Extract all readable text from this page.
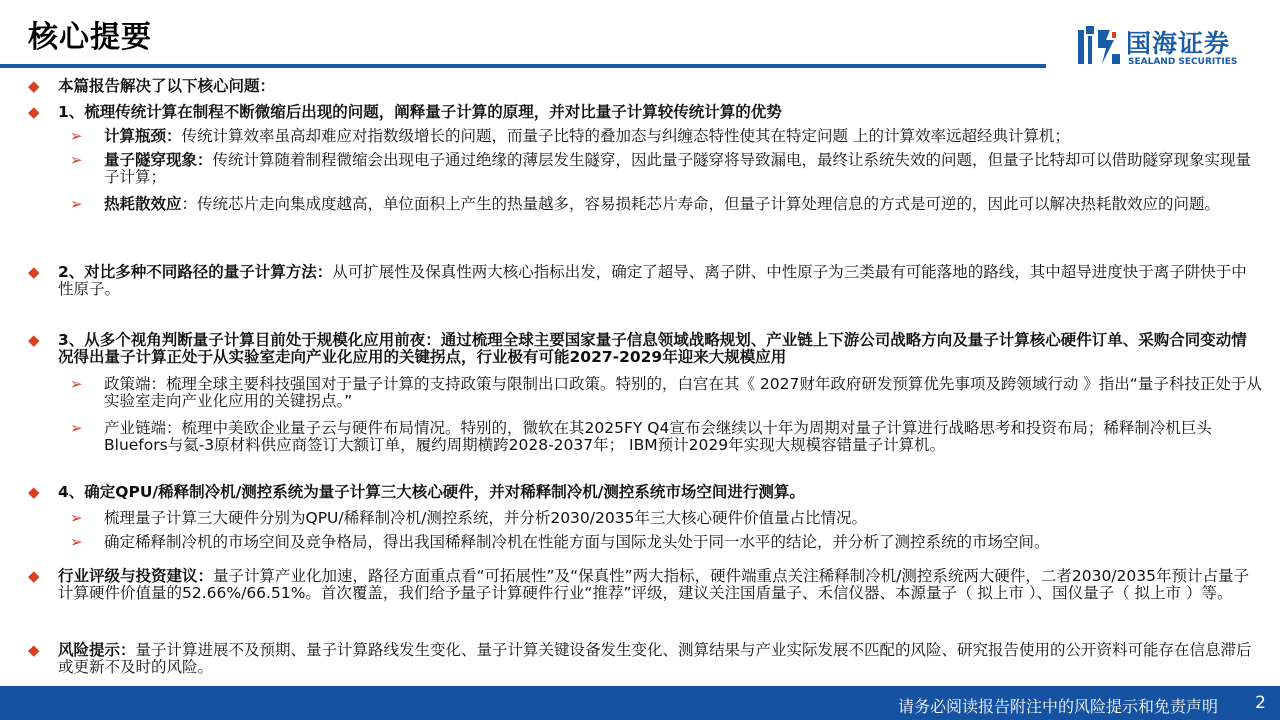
核心提要	国海证券
SEALAND SECURITIES
◆	本篇报告解决了以下核心问题：
◆	1、梳理传统计算在制程不断微缩后出现的问题，阐释量子计算的原理，并对比量子计算较传统计算的优势
➢	计算瓶颈：传统计算效率虽高却难应对指数级增长的问题，而量子比特的叠加态与纠缠态特性使其在特定问题 上的计算效率远超经典计算机；
➢	量子隧穿现象：传统计算随着制程微缩会出现电子通过绝缘的薄层发生隧穿，因此量子隧穿将导致漏电，最终让系统失效的问题，但量子比特却可以借助隧穿现象实现量子计算；
➢	热耗散效应：传统芯片走向集成度越高，单位面积上产生的热量越多，容易损耗芯片寿命，但量子计算处理信息的方式是可逆的，因此可以解决热耗散效应的问题。
◆	2、对比多种不同路径的量子计算方法：从可扩展性及保真性两大核心指标出发，确定了超导、离子阱、中性原子为三类最有可能落地的路线，其中超导进度快于离子阱快于中性原子。
◆	3、从多个视角判断量子计算目前处于规模化应用前夜：通过梳理全球主要国家量子信息领域战略规划、产业链上下游公司战略方向及量子计算核心硬件订单、采购合同变动情况得出量子计算正处于从实验室走向产业化应用的关键拐点，行业极有可能2027-2029年迎来大规模应用
➢	政策端：梳理全球主要科技强国对于量子计算的支持政策与限制出口政策。特别的，白宫在其《 2027财年政府研发预算优先事项及跨领域行动 》指出“量子科技正处于从实验室走向产业化应用的关键拐点。”
➢	产业链端：梳理中美欧企业量子云与硬件布局情况。特别的，微软在其2025FY Q4宣布会继续以十年为周期对量子计算进行战略思考和投资布局；稀释制冷机巨头Bluefors与氦-3原材料供应商签订大额订单，履约周期横跨2028-2037年； IBM预计2029年实现大规模容错量子计算机。
◆	4、确定QPU/稀释制冷机/测控系统为量子计算三大核心硬件，并对稀释制冷机/测控系统市场空间进行测算。
➢	梳理量子计算三大硬件分别为QPU/稀释制冷机/测控系统，并分析2030/2035年三大核心硬件价值量占比情况。
➢	确定稀释制冷机的市场空间及竞争格局，得出我国稀释制冷机在性能方面与国际龙头处于同一水平的结论，并分析了测控系统的市场空间。
◆	行业评级与投资建议：量子计算产业化加速，路径方面重点看“可拓展性”及“保真性”两大指标，硬件端重点关注稀释制冷机/测控系统两大硬件，二者2030/2035年预计占量子计算硬件价值量的52.66%/66.51%。首次覆盖，我们给予量子计算硬件行业“推荐”评级，建议关注国盾量子、禾信仪器、本源量子（ 拟上市 ）、国仪量子（ 拟上市 ）等。
◆	风险提示：量子计算进展不及预期、量子计算路线发生变化、量子计算关键设备发生变化、测算结果与产业实际发展不匹配的风险、研究报告使用的公开资料可能存在信息滞后或更新不及时的风险。
请务必阅读报告附注中的风险提示和免责声明 2
